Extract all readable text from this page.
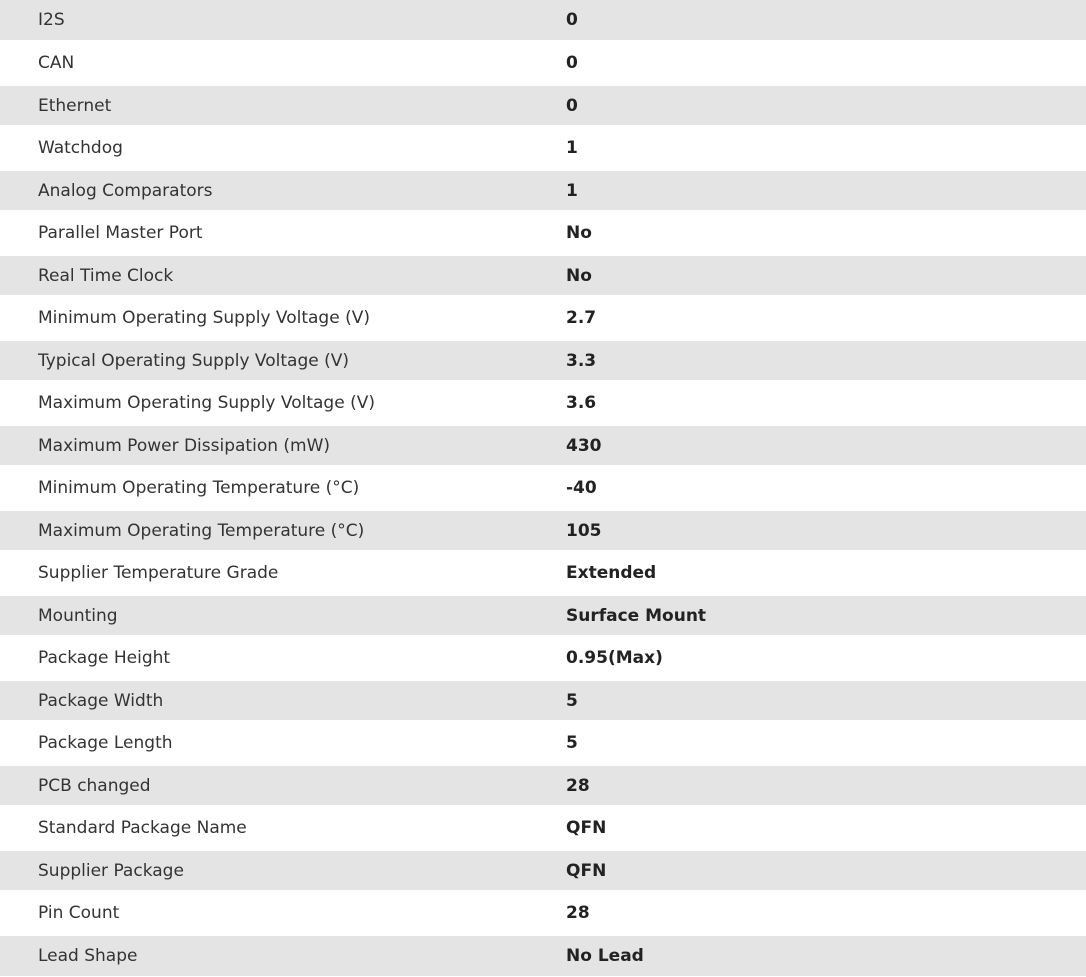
I2S	0
CAN	0
Ethernet	0
Watchdog	1
Analog Comparators	1
Parallel Master Port	No
Real Time Clock	No
Minimum Operating Supply Voltage (V)	2.7
Typical Operating Supply Voltage (V)	3.3
Maximum Operating Supply Voltage (V)	3.6
Maximum Power Dissipation (mW)	430
Minimum Operating Temperature (°C)	-40
Maximum Operating Temperature (°C)	105
Supplier Temperature Grade	Extended
Mounting	Surface Mount
Package Height	0.95(Max)
Package Width	5
Package Length	5
PCB changed	28
Standard Package Name	QFN
Supplier Package	QFN
Pin Count	28
Lead Shape	No Lead
